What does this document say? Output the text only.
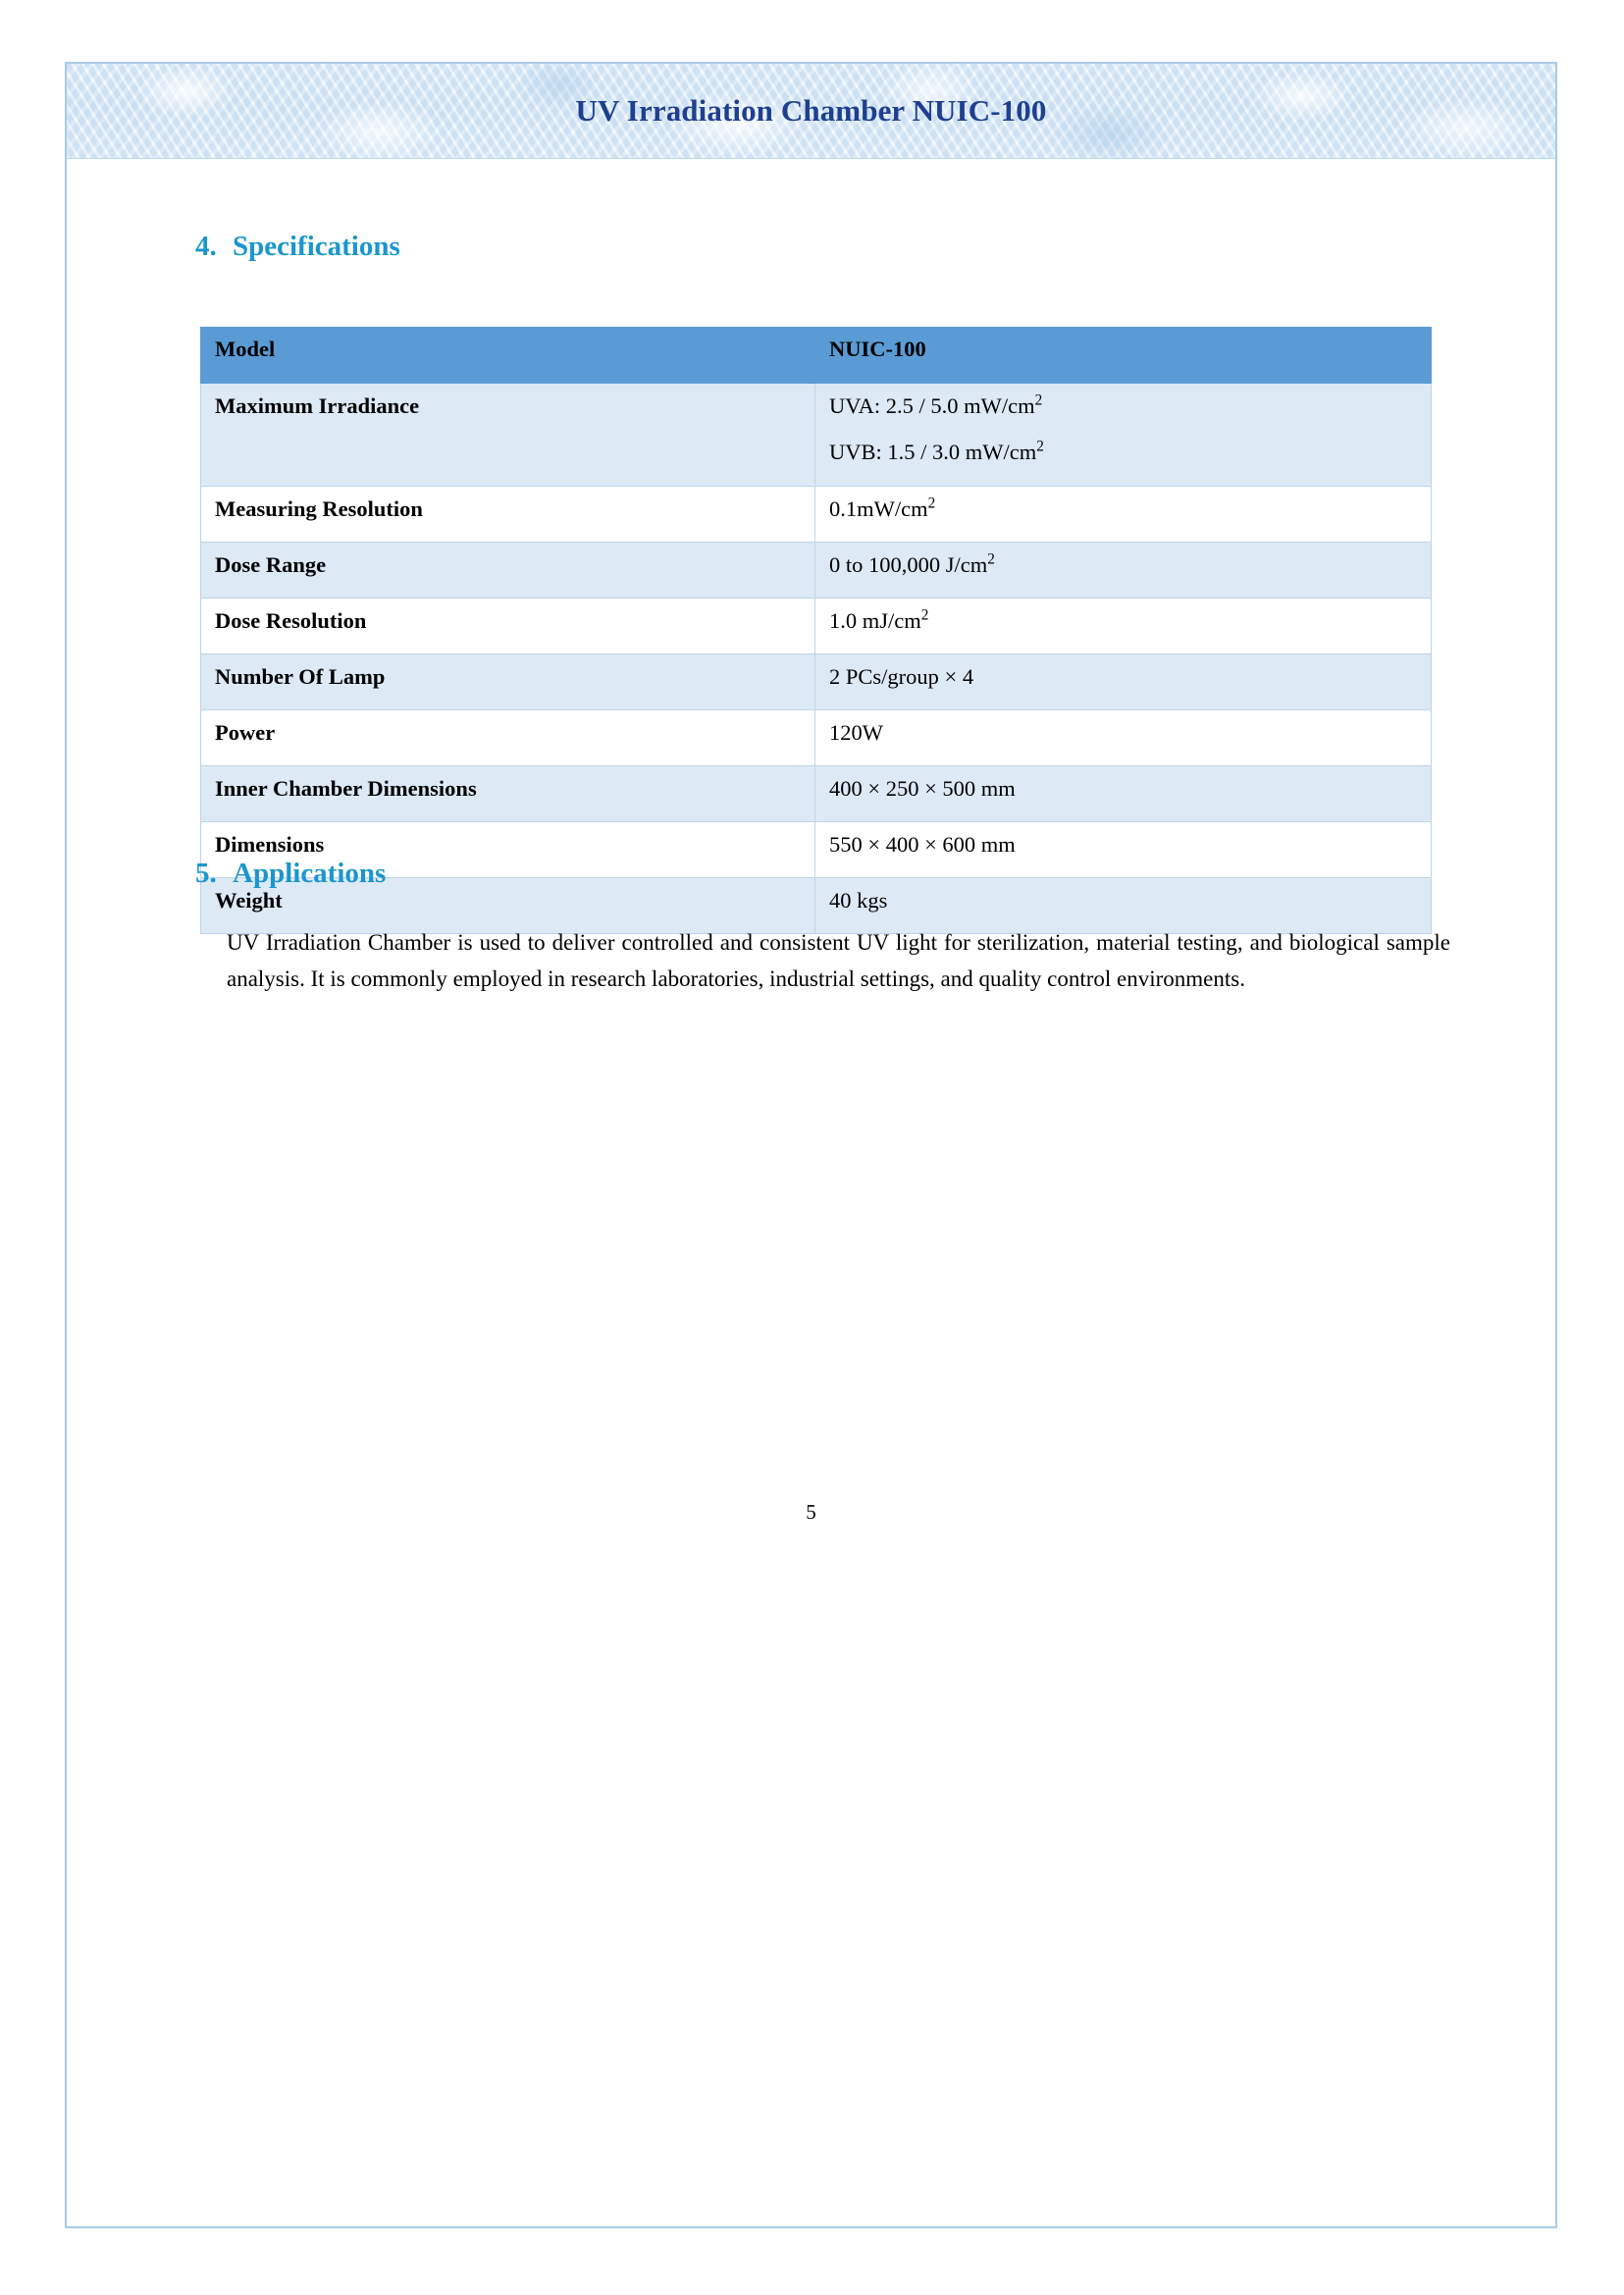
UV Irradiation Chamber NUIC-100
4. Specifications
Model	NUIC-100
Maximum Irradiance	UVA: 2.5 / 5.0 $mW/cm^2$
UVB: 1.5 / 3.0 $mW/cm^2$

Measuring Resolution	$0.1mW/cm^2$

Dose Range	0 to 100,000 $J/cm^2$

Dose Resolution	1.0 $mJ/cm^2$

Number Of Lamp	2 PCs/group × 4

Power	120W

Inner Chamber Dimensions	400 × 250 × 500 mm

Dimensions	550 × 400 × 600 mm

Weight	40 kgs
5. Applications

UV Irradiation Chamber is used to deliver controlled and consistent UV light for sterilization, material testing, and biological sample analysis. It is commonly employed in research laboratories, industrial settings, and quality control environments.

5
